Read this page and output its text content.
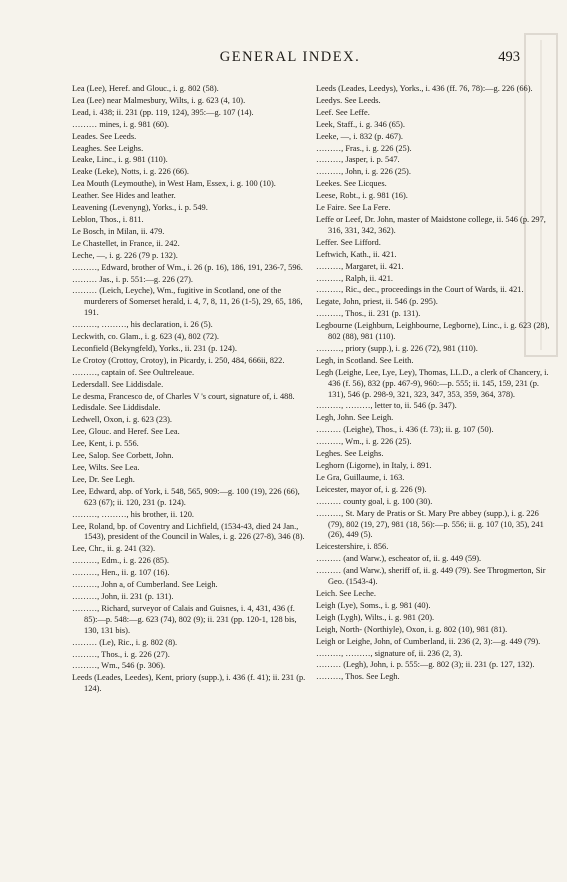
GENERAL INDEX.	493
Lea (Lee), Heref. and Glouc., i. g. 802 (58).
Lea (Lee) near Malmesbury, Wilts, i. g. 623 (4, 10).
Lead, i. 438; ii. 231 (pp. 119, 124), 395:—g. 107 (14).
……… mines, i. g. 981 (60).
Leades. See Leeds.
Leaghes. See Leighs.
Leake, Linc., i. g. 981 (110).
Leake (Leke), Notts, i. g. 226 (66).
Lea Mouth (Leymouthe), in West Ham, Essex, i. g. 100 (10).
Leather. See Hides and leather.
Leavening (Levenyng), Yorks., i. p. 549.
Leblon, Thos., i. 811.
Le Bosch, in Milan, ii. 479.
Le Chastellet, in France, ii. 242.
Leche, —, i. g. 226 (79 p. 132).
………, Edward, brother of Wm., i. 26 (p. 16), 186, 191, 236-7, 596.
……… Jas., i. p. 551:—g. 226 (27).
……… (Leich, Leyche), Wm., fugitive in Scotland, one of the murderers of Somerset herald, i. 4, 7, 8, 11, 26 (1-5), 29, 65, 186, 191.
………, ………, his declaration, i. 26 (5).
Leckwith, co. Glam., i. g. 623 (4), 802 (72).
Leconfield (Bekyngfeld), Yorks., ii. 231 (p. 124).
Le Crotoy (Crottoy, Crotoy), in Picardy, i. 250, 484, 666ii, 822.
………, captain of. See Oultreleaue.
Ledersdall. See Liddisdale.
Le desma, Francesco de, of Charles V 's court, signature of, i. 488.
Ledisdale. See Liddisdale.
Ledwell, Oxon, i. g. 623 (23).
Lee, Glouc. and Heref. See Lea.
Lee, Kent, i. p. 556.
Lee, Salop. See Corbett, John.
Lee, Wilts. See Lea.
Lee, Dr. See Legh.
Lee, Edward, abp. of York, i. 548, 565, 909:—g. 100 (19), 226 (66), 623 (67); ii. 120, 231 (p. 124).
………, ………, his brother, ii. 120.
Lee, Roland, bp. of Coventry and Lichfield, (1534-43, died 24 Jan., 1543), president of the Council in Wales, i. g. 226 (27-8), 346 (8).
Lee, Chr., ii. g. 241 (32).
………, Edm., i. g. 226 (85).
………, Hen., ii. g. 107 (16).
………, John a, of Cumberland. See Leigh.
………, John, ii. 231 (p. 131).
………, Richard, surveyor of Calais and Guisnes, i. 4, 431, 436 (f. 85):—p. 548:—g. 623 (74), 802 (9); ii. 231 (pp. 120-1, 128 bis, 130, 131 bis).
……… (Le), Ric., i. g. 802 (8).
………, Thos., i. g. 226 (27).
………, Wm., 546 (p. 306).
Leeds (Leades, Leedes), Kent, priory (supp.), i. 436 (f. 41); ii. 231 (p. 124).
Leeds (Leades, Leedys), Yorks., i. 436 (ff. 76, 78):—g. 226 (66).
Leedys. See Leeds.
Leef. See Leffe.
Leek, Staff., i. g. 346 (65).
Leeke, —, i. 832 (p. 467).
………, Fras., i. g. 226 (25).
………, Jasper, i. p. 547.
………, John, i. g. 226 (25).
Leekes. See Licques.
Leese, Robt., i. g. 981 (16).
Le Faire. See La Fere.
Leffe or Leef, Dr. John, master of Maidstone college, ii. 546 (p. 297, 316, 331, 342, 362).
Leffer. See Lifford.
Leftwich, Kath., ii. 421.
………, Margaret, ii. 421.
………, Ralph, ii. 421.
………, Ric., dec., proceedings in the Court of Wards, ii. 421.
Legate, John, priest, ii. 546 (p. 295).
………, Thos., ii. 231 (p. 131).
Legbourne (Leighburn, Leighbourne, Legborne), Linc., i. g. 623 (28), 802 (88), 981 (110).
………, priory (supp.), i. g. 226 (72), 981 (110).
Legh, in Scotland. See Leith.
Legh (Leighe, Lee, Lye, Ley), Thomas, LL.D., a clerk of Chancery, i. 436 (f. 56), 832 (pp. 467-9), 960:—p. 555; ii. 145, 159, 231 (p. 131), 546 (p. 298-9, 321, 323, 347, 353, 359, 364, 378).
………, ………, letter to, ii. 546 (p. 347).
Legh, John. See Leigh.
……… (Leighe), Thos., i. 436 (f. 73); ii. g. 107 (50).
………, Wm., i. g. 226 (25).
Leghes. See Leighs.
Leghorn (Ligorne), in Italy, i. 891.
Le Gra, Guillaume, i. 163.
Leicester, mayor of, i. g. 226 (9).
……… county goal, i. g. 100 (30).
………, St. Mary de Pratis or St. Mary Pre abbey (supp.), i. g. 226 (79), 802 (19, 27), 981 (18, 56):—p. 556; ii. g. 107 (10, 35), 241 (26), 449 (5).
Leicestershire, i. 856.
……… (and Warw.), escheator of, ii. g. 449 (59).
……… (and Warw.), sheriff of, ii. g. 449 (79). See Throgmerton, Sir Geo. (1543-4).
Leich. See Leche.
Leigh (Lye), Soms., i. g. 981 (40).
Leigh (Lygh), Wilts., i. g. 981 (20).
Leigh, North- (Northiyle), Oxon, i. g. 802 (10), 981 (81).
Leigh or Leighe, John, of Cumberland, ii. 236 (2, 3):—g. 449 (79).
………, ………, signature of, ii. 236 (2, 3).
……… (Legh), John, i. p. 555:—g. 802 (3); ii. 231 (p. 127, 132).
………, Thos. See Legh.
